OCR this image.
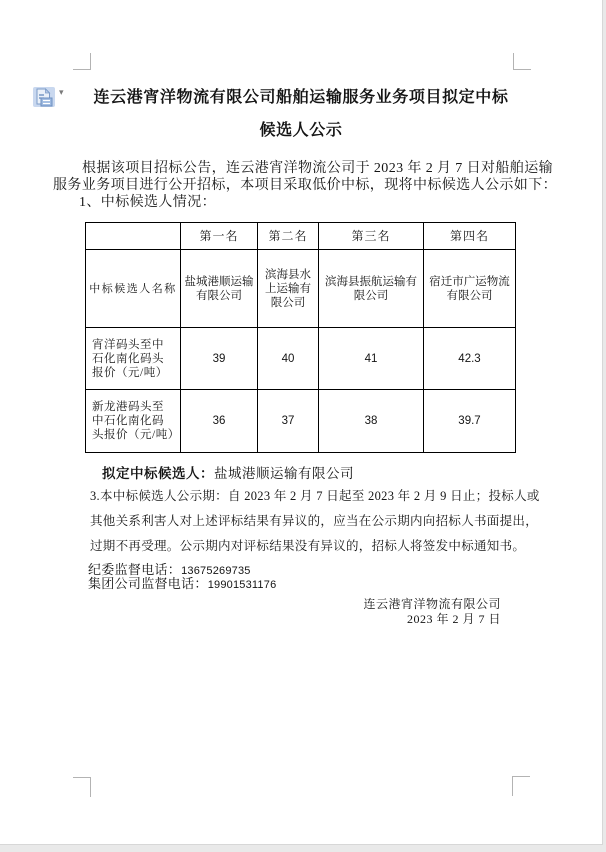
▾	连云港宵洋物流有限公司船舶运输服务业务项目拟定中标
候选人公示
根据该项目招标公告，连云港宵洋物流公司于 2023 年 2 月 7 日对船舶运输
服务业务项目进行公开招标，本项目采取低价中标，现将中标候选人公示如下：
1、中标候选人情况：
	第一名	第二名	第三名	第四名
中标候选人名称	盐城港顺运输有限公司	滨海县水上运输有限公司	滨海县振航运输有限公司	宿迁市广运物流有限公司
宵洋码头至中石化南化码头报价（元/吨）	39	40	41	42.3
新龙港码头至中石化南化码头报价（元/吨）	36	37	38	39.7
拟定中标候选人：盐城港顺运输有限公司
3.本中标候选人公示期：自 2023 年 2 月 7 日起至 2023 年 2 月 9 日止；投标人或
其他关系利害人对上述评标结果有异议的，应当在公示期内向招标人书面提出，
过期不再受理。公示期内对评标结果没有异议的，招标人将签发中标通知书。
纪委监督电话：13675269735
集团公司监督电话：19901531176
连云港宵洋物流有限公司
2023 年 2 月 7 日
